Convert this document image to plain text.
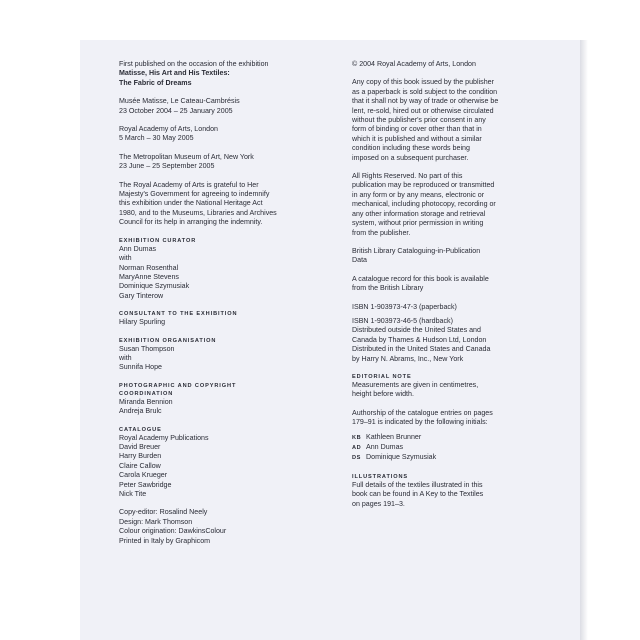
First published on the occasion of the exhibition
Matisse, His Art and His Textiles:
The Fabric of Dreams
Musée Matisse, Le Cateau-Cambrésis
23 October 2004 – 25 January 2005
Royal Academy of Arts, London
5 March – 30 May 2005
The Metropolitan Museum of Art, New York
23 June – 25 September 2005
The Royal Academy of Arts is grateful to Her
Majesty's Government for agreeing to indemnify
this exhibition under the National Heritage Act
1980, and to the Museums, Libraries and Archives
Council for its help in arranging the indemnity.
EXHIBITION CURATOR
Ann Dumas
with
Norman Rosenthal
MaryAnne Stevens
Dominique Szymusiak
Gary Tinterow
CONSULTANT TO THE EXHIBITION
Hilary Spurling
EXHIBITION ORGANISATION
Susan Thompson
with
Sunnifa Hope
PHOTOGRAPHIC AND COPYRIGHT
COORDINATION
Miranda Bennion
Andreja Brulc
CATALOGUE
Royal Academy Publications
David Breuer
Harry Burden
Claire Callow
Carola Krueger
Peter Sawbridge
Nick Tite
Copy-editor: Rosalind Neely
Design: Mark Thomson
Colour origination: DawkinsColour
Printed in Italy by Graphicom
© 2004 Royal Academy of Arts, London
Any copy of this book issued by the publisher
as a paperback is sold subject to the condition
that it shall not by way of trade or otherwise be
lent, re-sold, hired out or otherwise circulated
without the publisher's prior consent in any
form of binding or cover other than that in
which it is published and without a similar
condition including these words being
imposed on a subsequent purchaser.
All Rights Reserved. No part of this
publication may be reproduced or transmitted
in any form or by any means, electronic or
mechanical, including photocopy, recording or
any other information storage and retrieval
system, without prior permission in writing
from the publisher.
British Library Cataloguing-in-Publication
Data
A catalogue record for this book is available
from the British Library
ISBN 1-903973-47-3 (paperback)
ISBN 1-903973-46-5 (hardback)
Distributed outside the United States and
Canada by Thames & Hudson Ltd, London
Distributed in the United States and Canada
by Harry N. Abrams, Inc., New York
EDITORIAL NOTE
Measurements are given in centimetres,
height before width.
Authorship of the catalogue entries on pages
179–91 is indicated by the following initials:
KB Kathleen Brunner
AD Ann Dumas
DS Dominique Szymusiak
ILLUSTRATIONS
Full details of the textiles illustrated in this
book can be found in A Key to the Textiles
on pages 191–3.
